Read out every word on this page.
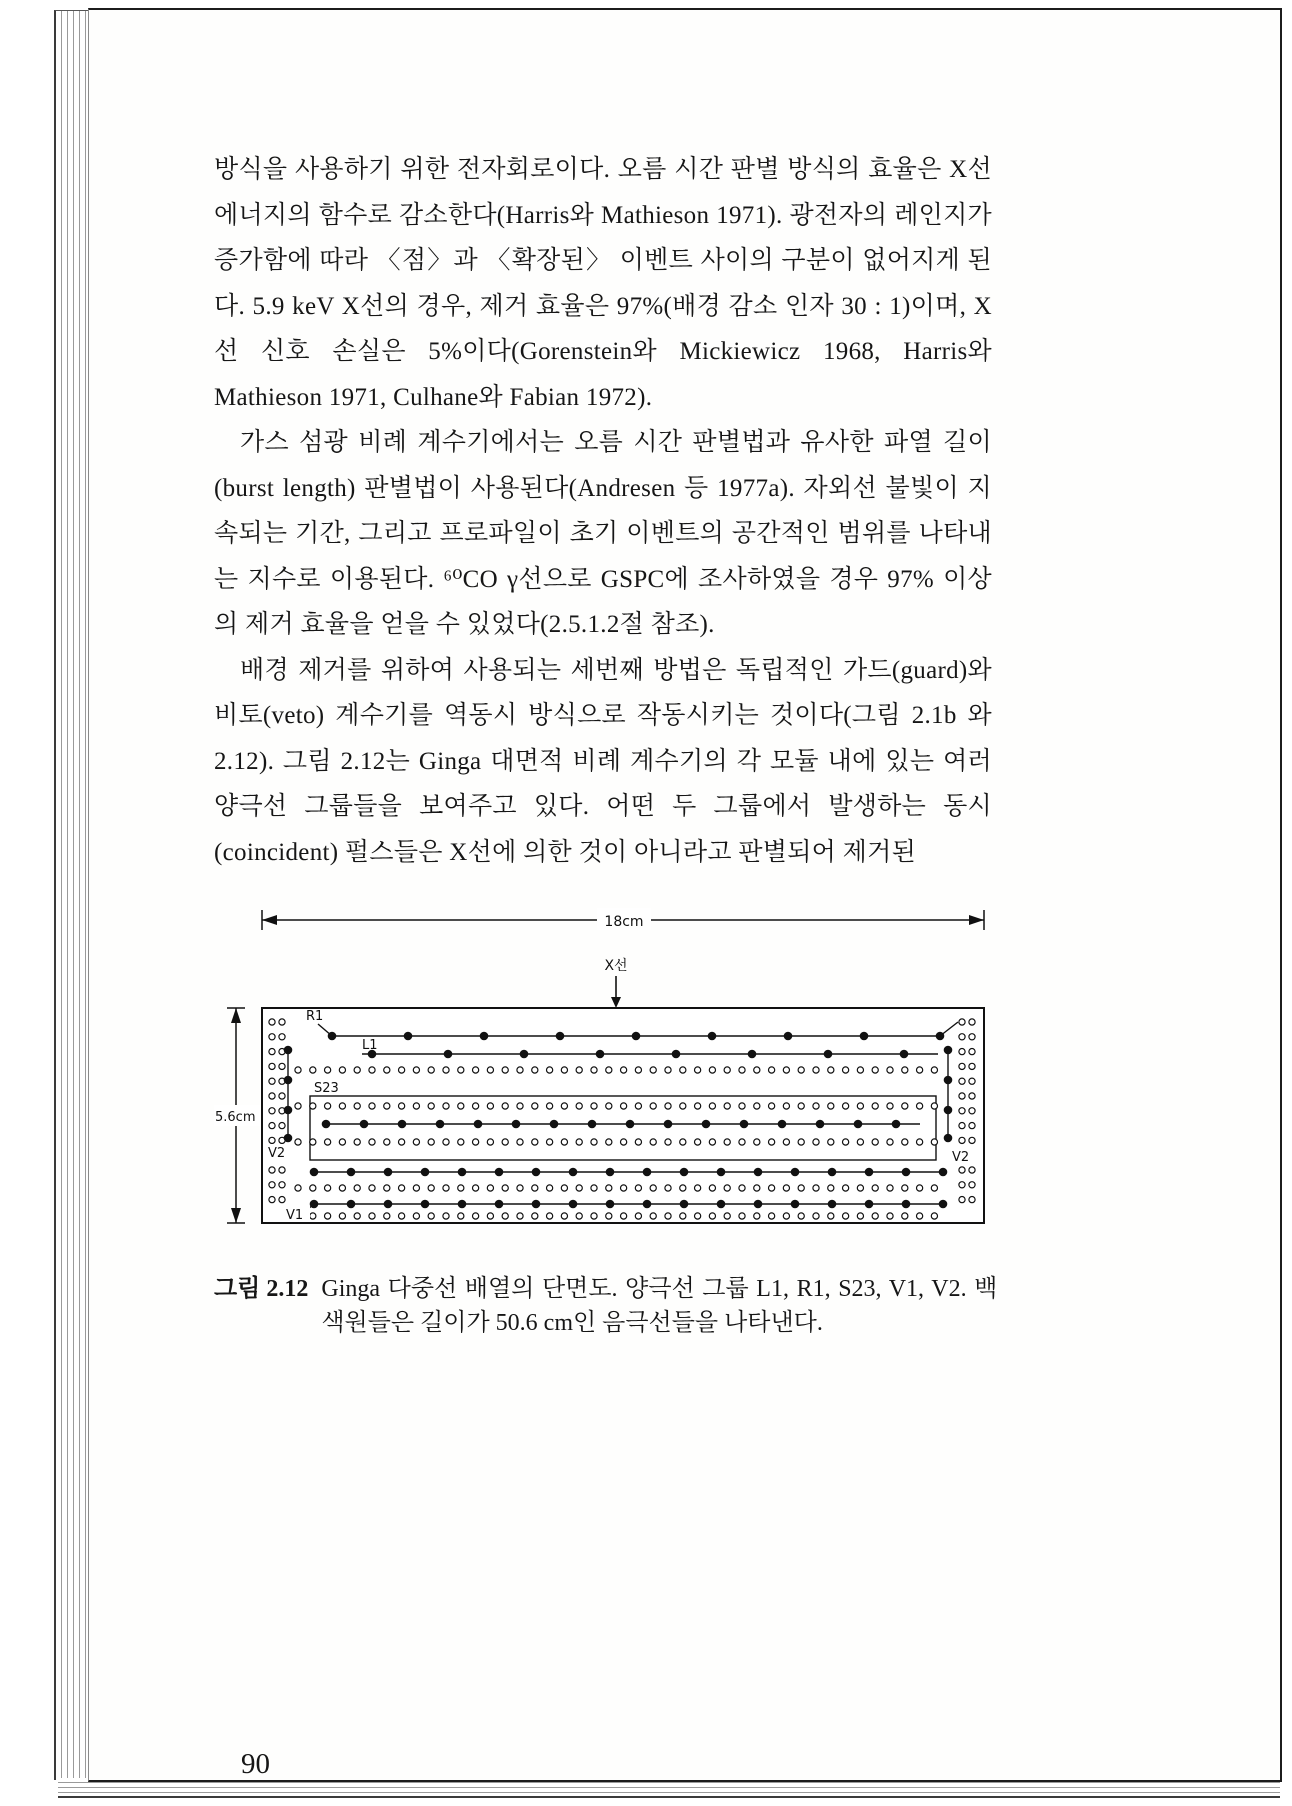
방식을 사용하기 위한 전자회로이다. 오름 시간 판별 방식의 효율은 X선 에너지의 함수로 감소한다(Harris와 Mathieson 1971). 광전자의 레인지가 증가함에 따라 〈점〉과 〈확장된〉 이벤트 사이의 구분이 없어지게 된다. 5.9 keV X선의 경우, 제거 효율은 97%(배경 감소 인자 30 : 1)이며, X선 신호 손실은 5%이다(Gorenstein와 Mickiewicz 1968, Harris와 Mathieson 1971, Culhane와 Fabian 1972).

가스 섬광 비례 계수기에서는 오름 시간 판별법과 유사한 파열 길이(burst length) 판별법이 사용된다(Andresen 등 1977a). 자외선 불빛이 지속되는 기간, 그리고 프로파일이 초기 이벤트의 공간적인 범위를 나타내는 지수로 이용된다. ⁶⁰CO γ선으로 GSPC에 조사하였을 경우 97% 이상의 제거 효율을 얻을 수 있었다(2.5.1.2절 참조).

배경 제거를 위하여 사용되는 세번째 방법은 독립적인 가드(guard)와 비토(veto) 계수기를 역동시 방식으로 작동시키는 것이다(그림 2.1b 와 2.12). 그림 2.12는 Ginga 대면적 비례 계수기의 각 모듈 내에 있는 여러 양극선 그룹들을 보여주고 있다. 어떤 두 그룹에서 발생하는 동시(coincident) 펄스들은 X선에 의한 것이 아니라고 판별되어 제거된

18cm
X선
5.6cm
R1
L1
S23
V2	V2
V1
그림 2.12 Ginga 다중선 배열의 단면도. 양극선 그룹 L1, R1, S23, V1, V2. 백색원들은 길이가 50.6 cm인 음극선들을 나타낸다.
90
